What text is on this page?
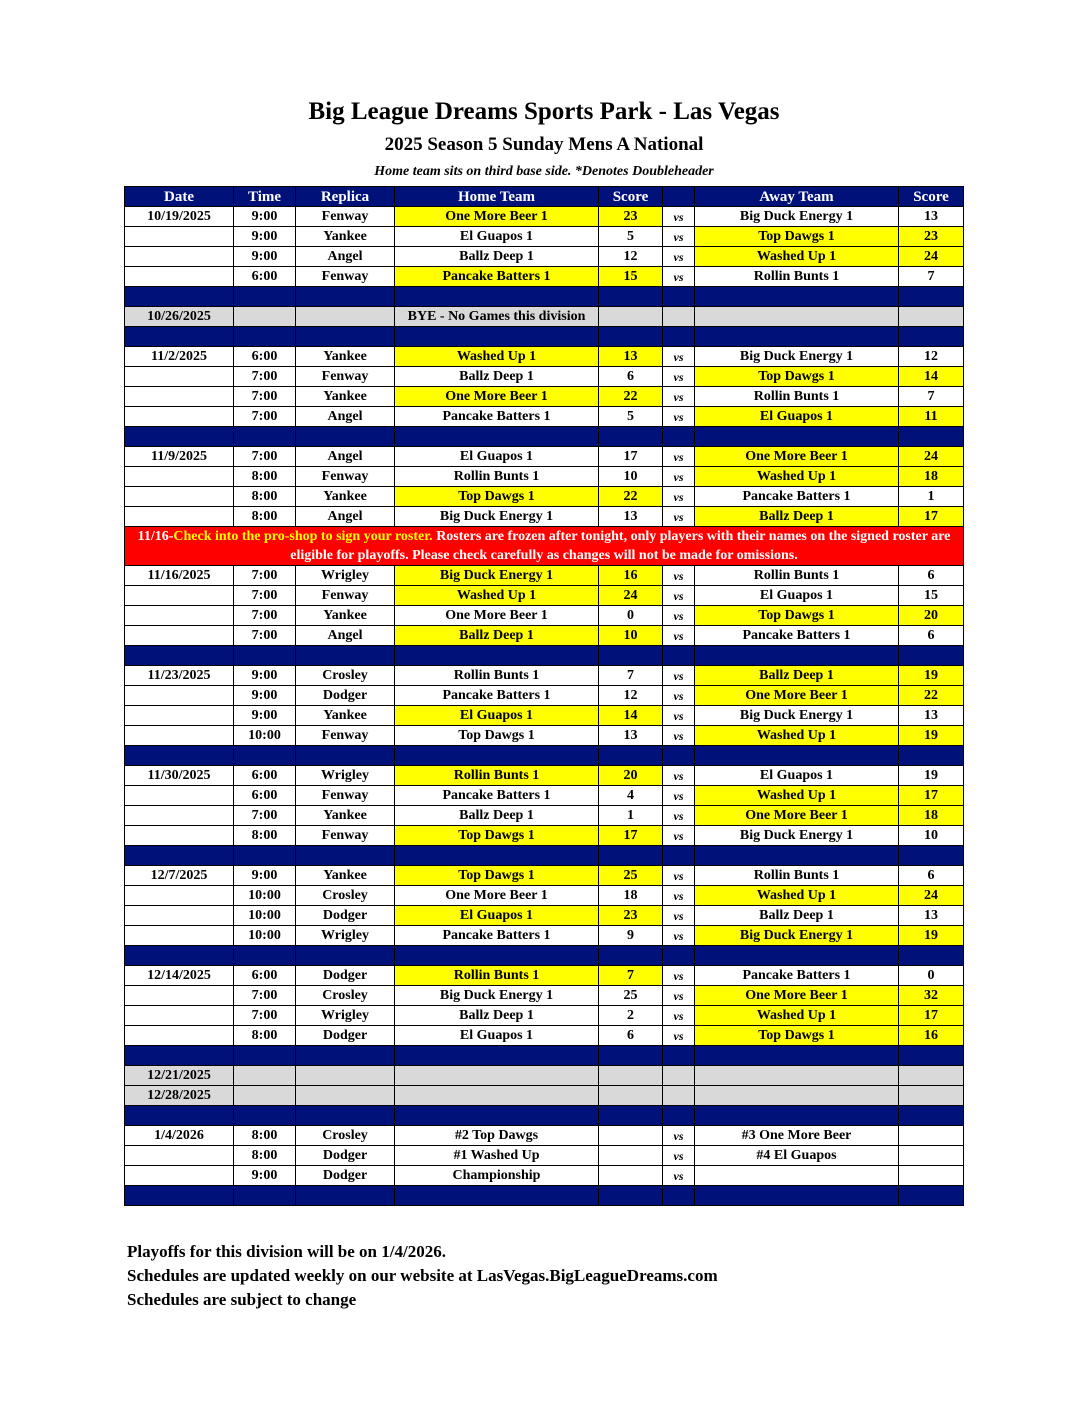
Big League Dreams Sports Park - Las Vegas
2025 Season 5 Sunday Mens A National
Home team sits on third base side. *Denotes Doubleheader
Date	Time	Replica	Home Team	Score		Away Team	Score
10/19/2025	9:00	Fenway	One More Beer 1	23	vs	Big Duck Energy 1	13
	9:00	Yankee	El Guapos 1	5	vs	Top Dawgs 1	23
	9:00	Angel	Ballz Deep 1	12	vs	Washed Up 1	24
	6:00	Fenway	Pancake Batters 1	15	vs	Rollin Bunts 1	7

10/26/2025			BYE - No Games this division				

11/2/2025	6:00	Yankee	Washed Up 1	13	vs	Big Duck Energy 1	12
	7:00	Fenway	Ballz Deep 1	6	vs	Top Dawgs 1	14
	7:00	Yankee	One More Beer 1	22	vs	Rollin Bunts 1	7
	7:00	Angel	Pancake Batters 1	5	vs	El Guapos 1	11

11/9/2025	7:00	Angel	El Guapos 1	17	vs	One More Beer 1	24
	8:00	Fenway	Rollin Bunts 1	10	vs	Washed Up 1	18
	8:00	Yankee	Top Dawgs 1	22	vs	Pancake Batters 1	1
	8:00	Angel	Big Duck Energy 1	13	vs	Ballz Deep 1	17
11/16-Check into the pro-shop to sign your roster. Rosters are frozen after tonight, only players with their names on the signed roster are eligible for playoffs. Please check carefully as changes will not be made for omissions.							
11/16/2025	7:00	Wrigley	Big Duck Energy 1	16	vs	Rollin Bunts 1	6
	7:00	Fenway	Washed Up 1	24	vs	El Guapos 1	15
	7:00	Yankee	One More Beer 1	0	vs	Top Dawgs 1	20
	7:00	Angel	Ballz Deep 1	10	vs	Pancake Batters 1	6

11/23/2025	9:00	Crosley	Rollin Bunts 1	7	vs	Ballz Deep 1	19
	9:00	Dodger	Pancake Batters 1	12	vs	One More Beer 1	22
	9:00	Yankee	El Guapos 1	14	vs	Big Duck Energy 1	13
	10:00	Fenway	Top Dawgs 1	13	vs	Washed Up 1	19

11/30/2025	6:00	Wrigley	Rollin Bunts 1	20	vs	El Guapos 1	19
	6:00	Fenway	Pancake Batters 1	4	vs	Washed Up 1	17
	7:00	Yankee	Ballz Deep 1	1	vs	One More Beer 1	18
	8:00	Fenway	Top Dawgs 1	17	vs	Big Duck Energy 1	10

12/7/2025	9:00	Yankee	Top Dawgs 1	25	vs	Rollin Bunts 1	6
	10:00	Crosley	One More Beer 1	18	vs	Washed Up 1	24
	10:00	Dodger	El Guapos 1	23	vs	Ballz Deep 1	13
	10:00	Wrigley	Pancake Batters 1	9	vs	Big Duck Energy 1	19

12/14/2025	6:00	Dodger	Rollin Bunts 1	7	vs	Pancake Batters 1	0
	7:00	Crosley	Big Duck Energy 1	25	vs	One More Beer 1	32
	7:00	Wrigley	Ballz Deep 1	2	vs	Washed Up 1	17
	8:00	Dodger	El Guapos 1	6	vs	Top Dawgs 1	16

12/21/2025							
12/28/2025							

1/4/2026	8:00	Crosley	#2 Top Dawgs		vs	#3 One More Beer	
	8:00	Dodger	#1 Washed Up		vs	#4 El Guapos	
	9:00	Dodger	Championship		vs		

Playoffs for this division will be on 1/4/2026.
Schedules are updated weekly on our website at LasVegas.BigLeagueDreams.com
Schedules are subject to change
